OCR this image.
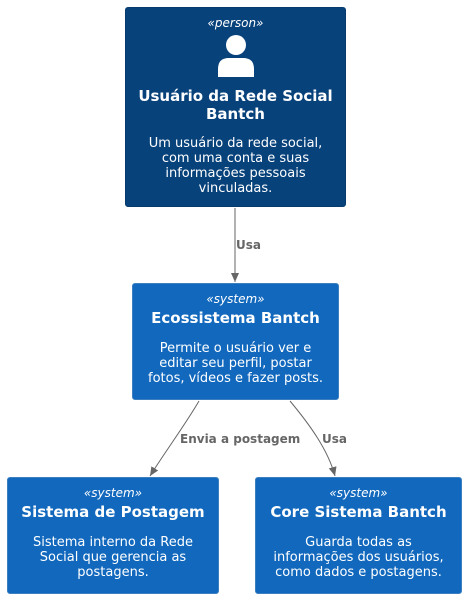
Usa
Envia a postagem Usa
«person»
Usuário da Rede Social
Bantch
Um usuário da rede social,
com uma conta e suas
informações pessoais
vinculadas.
«system»
Ecossistema Bantch
Permite o usuário ver e
editar seu perfil, postar
fotos, vídeos e fazer posts.
«system»
Sistema de Postagem
Sistema interno da Rede
Social que gerencia as
postagens.
«system»
Core Sistema Bantch
Guarda todas as
informações dos usuários,
como dados e postagens.
